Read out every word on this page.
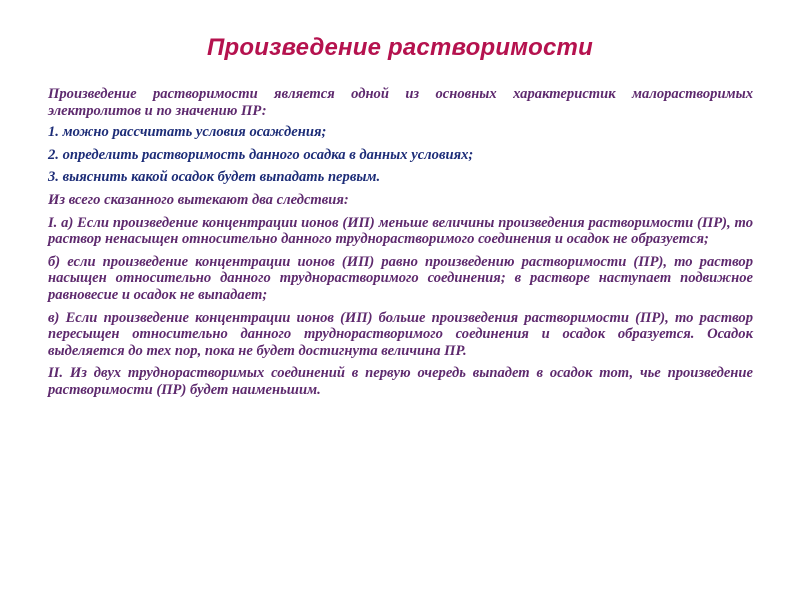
Произведение растворимости

Произведение растворимости является одной из основных характеристик малорастворимых электролитов и по значению ПР:

1. можно рассчитать условия осаждения;

2. определить растворимость данного осадка в данных условиях;

3. выяснить какой осадок будет выпадать первым.

Из всего сказанного вытекают два следствия:

I. а) Если произведение концентрации ионов (ИП) меньше величины произведения растворимости (ПР), то раствор ненасыщен относительно данного труднорастворимого соединения и осадок не образуется;

б) если произведение концентрации ионов (ИП) равно произведению растворимости (ПР), то раствор насыщен относительно данного труднорастворимого соединения; в растворе наступает подвижное равновесие и осадок не выпадает;

в) Если произведение концентрации ионов (ИП) больше произведения растворимости (ПР), то раствор пересыщен относительно данного труднорастворимого соединения и осадок образуется. Осадок выделяется до тех пор, пока не будет достигнута величина ПР.

II. Из двух труднорастворимых соединений в первую очередь выпадет в осадок тот, чье произведение растворимости (ПР) будет наименьшим.
